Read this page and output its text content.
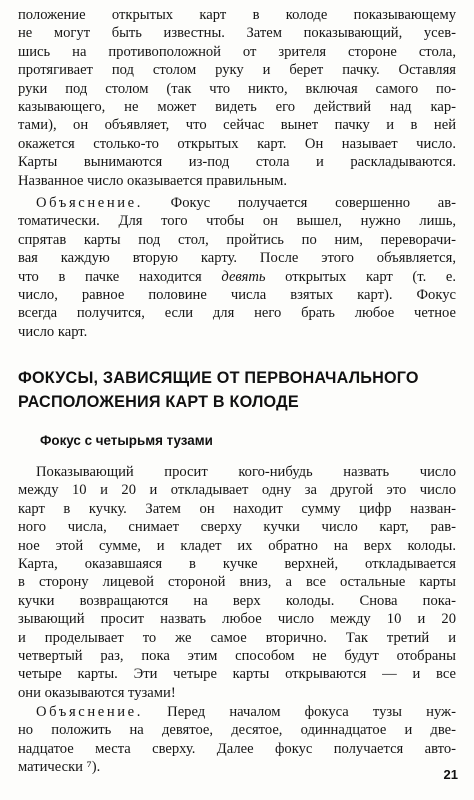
положение открытых карт в колоде показывающему
не могут быть известны. Затем показывающий, усев-
шись на противоположной от зрителя стороне стола,
протягивает под столом руку и берет пачку. Оставляя
руки под столом (так что никто, включая самого по-
казывающего, не может видеть его действий над кар-
тами), он объявляет, что сейчас вынет пачку и в ней
окажется столько-то открытых карт. Он называет число.
Карты вынимаются из-под стола и раскладываются.
Названное число оказывается правильным.
Объяснение. Фокус получается совершенно ав-
томатически. Для того чтобы он вышел, нужно лишь,
спрятав карты под стол, пройтись по ним, переворачи-
вая каждую вторую карту. После этого объявляется,
что в пачке находится девять открытых карт (т. е.
число, равное половине числа взятых карт). Фокус
всегда получится, если для него брать любое четное
число карт.
ФОКУСЫ, ЗАВИСЯЩИЕ ОТ ПЕРВОНАЧАЛЬНОГО
РАСПОЛОЖЕНИЯ КАРТ В КОЛОДЕ
Фокус с четырьмя тузами
Показывающий просит кого-нибудь назвать число
между 10 и 20 и откладывает одну за другой это число
карт в кучку. Затем он находит сумму цифр назван-
ного числа, снимает сверху кучки число карт, рав-
ное этой сумме, и кладет их обратно на верх колоды.
Карта, оказавшаяся в кучке верхней, откладывается
в сторону лицевой стороной вниз, а все остальные карты
кучки возвращаются на верх колоды. Снова пока-
зывающий просит назвать любое число между 10 и 20
и проделывает то же самое вторично. Так третий и
четвертый раз, пока этим способом не будут отобраны
четыре карты. Эти четыре карты открываются — и все
они оказываются тузами!
Объяснение. Перед началом фокуса тузы нуж-
но положить на девятое, десятое, одиннадцатое и две-
надцатое места сверху. Далее фокус получается авто-
матически ⁷).	21
